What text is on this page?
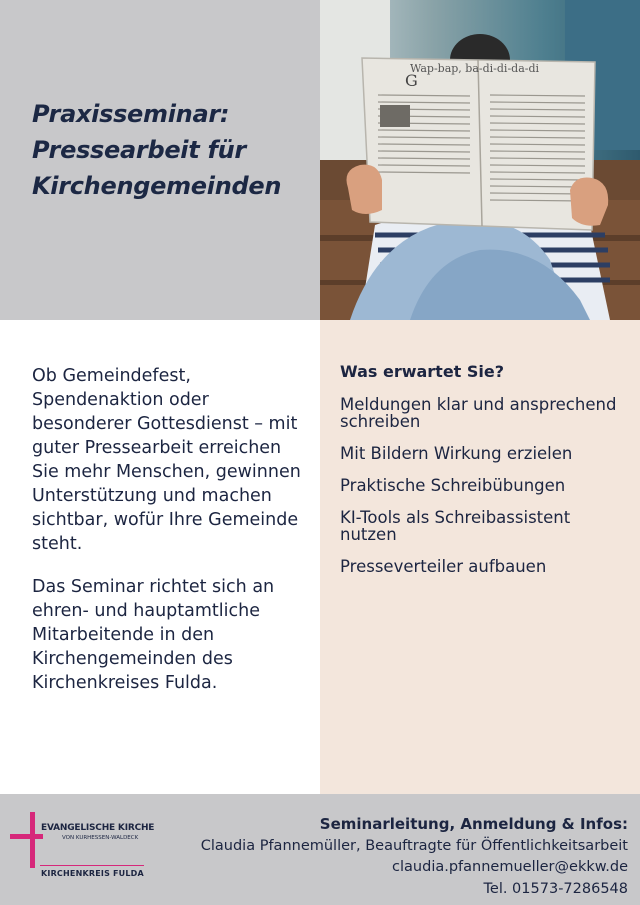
Praxisseminar:
Pressearbeit für
Kirchengemeinden
Wap-bap, ba-di-di-da-di
G

Ob Gemeindefest, Spendenaktion oder besonderer Gottesdienst – mit guter Pressearbeit erreichen Sie mehr Menschen, gewinnen Unterstützung und machen sichtbar, wofür Ihre Gemeinde steht.

Das Seminar richtet sich an ehren- und hauptamtliche Mitarbeitende in den Kirchengemeinden des Kirchenkreises Fulda.

Was erwartet Sie?
Meldungen klar und ansprechend schreiben
Mit Bildern Wirkung erzielen
Praktische Schreibübungen
KI-Tools als Schreibassistent nutzen
Presseverteiler aufbauen
EVANGELISCHE KIRCHE
VON KURHESSEN-WALDECK
KIRCHENKREIS FULDA
Seminarleitung, Anmeldung & Infos:
Claudia Pfannemüller, Beauftragte für Öffentlichkeitsarbeit
claudia.pfannemueller@ekkw.de
Tel. 01573-7286548
